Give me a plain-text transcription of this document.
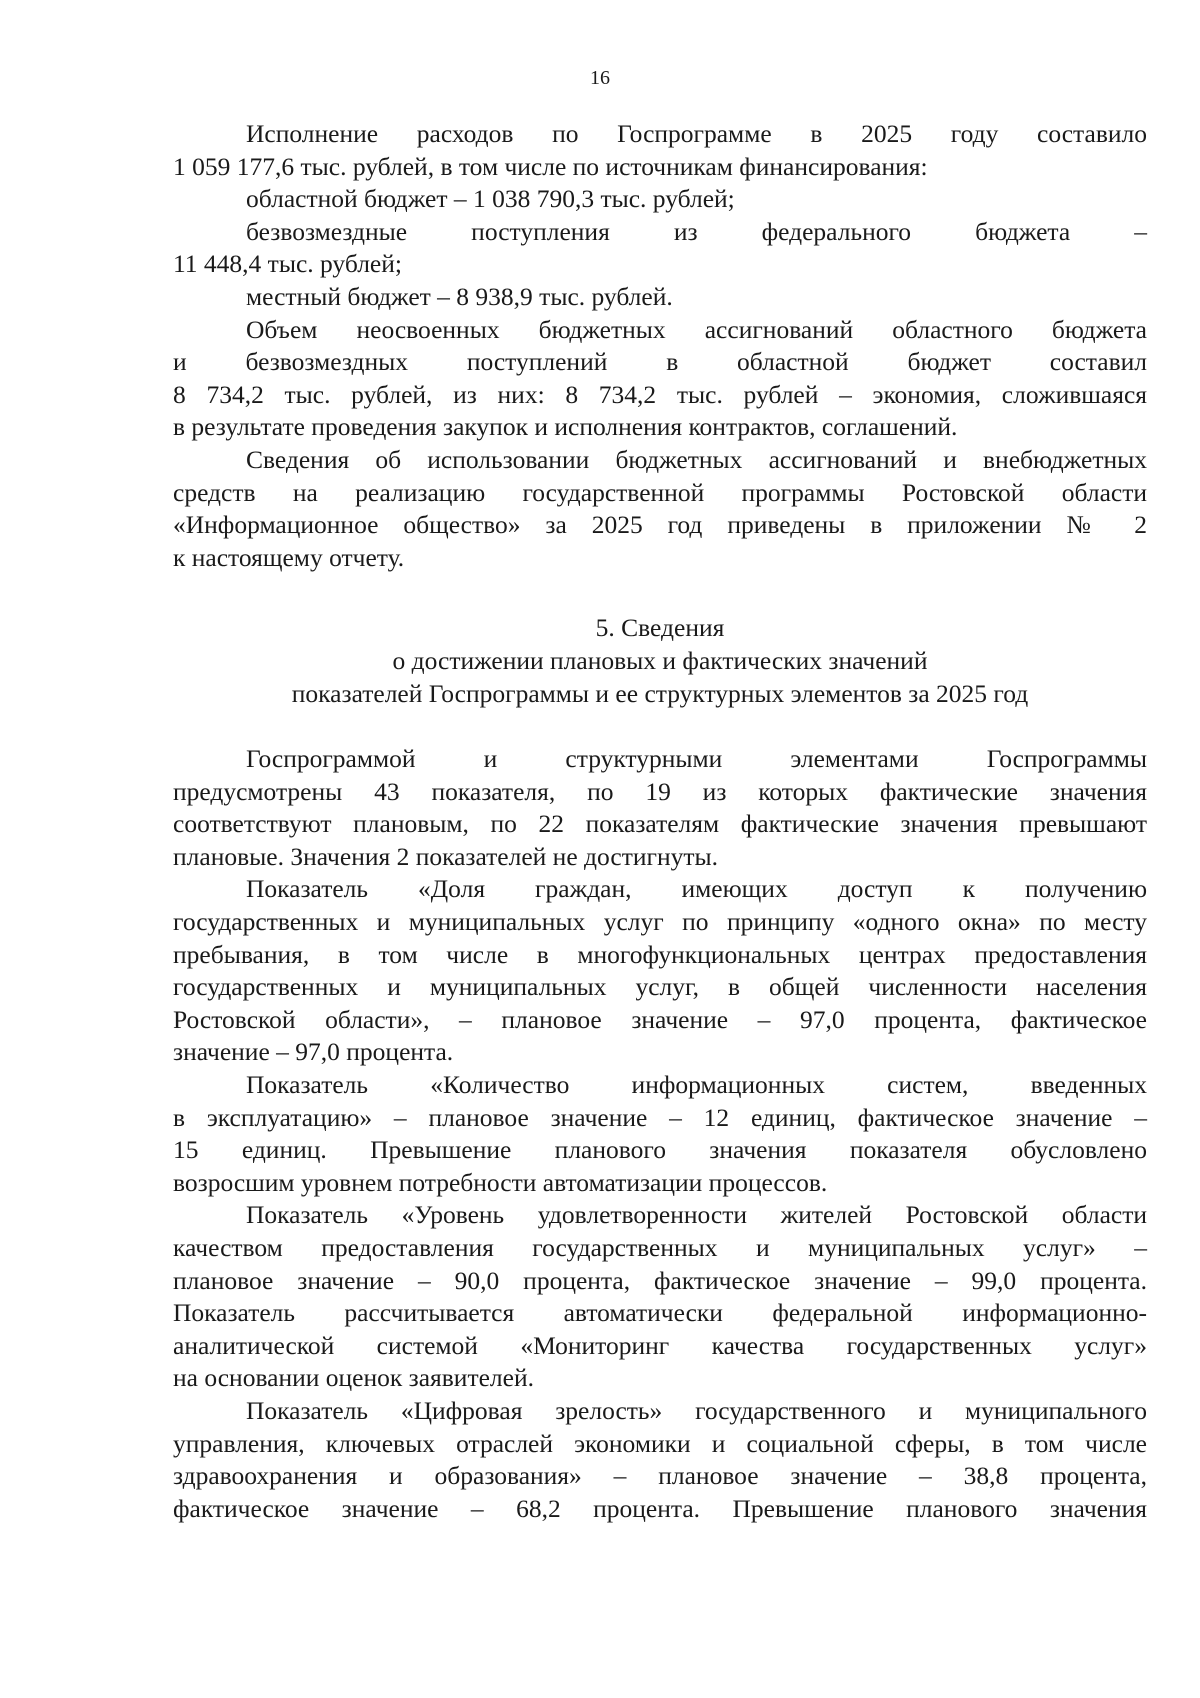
16
Исполнение расходов по Госпрограмме в 2025 году составило
1 059 177,6 тыс. рублей, в том числе по источникам финансирования:
областной бюджет – 1 038 790,3 тыс. рублей;
безвозмездные поступления из федерального бюджета –
11 448,4 тыс. рублей;
местный бюджет – 8 938,9 тыс. рублей.
Объем неосвоенных бюджетных ассигнований областного бюджета
и безвозмездных поступлений в областной бюджет составил
8 734,2 тыс. рублей, из них: 8 734,2 тыс. рублей – экономия, сложившаяся
в результате проведения закупок и исполнения контрактов, соглашений.
Сведения об использовании бюджетных ассигнований и внебюджетных
средств на реализацию государственной программы Ростовской области
«Информационное общество» за 2025 год приведены в приложении № 2
к настоящему отчету.
5. Сведения
о достижении плановых и фактических значений
показателей Госпрограммы и ее структурных элементов за 2025 год
Госпрограммой и структурными элементами Госпрограммы
предусмотрены 43 показателя, по 19 из которых фактические значения
соответствуют плановым, по 22 показателям фактические значения превышают
плановые. Значения 2 показателей не достигнуты.
Показатель «Доля граждан, имеющих доступ к получению
государственных и муниципальных услуг по принципу «одного окна» по месту
пребывания, в том числе в многофункциональных центрах предоставления
государственных и муниципальных услуг, в общей численности населения
Ростовской области», – плановое значение – 97,0 процента, фактическое
значение – 97,0 процента.
Показатель «Количество информационных систем, введенных
в эксплуатацию» – плановое значение – 12 единиц, фактическое значение –
15 единиц. Превышение планового значения показателя обусловлено
возросшим уровнем потребности автоматизации процессов.
Показатель «Уровень удовлетворенности жителей Ростовской области
качеством предоставления государственных и муниципальных услуг» –
плановое значение – 90,0 процента, фактическое значение – 99,0 процента.
Показатель рассчитывается автоматически федеральной информационно-
аналитической системой «Мониторинг качества государственных услуг»
на основании оценок заявителей.
Показатель «Цифровая зрелость» государственного и муниципального
управления, ключевых отраслей экономики и социальной сферы, в том числе
здравоохранения и образования» – плановое значение – 38,8 процента,
фактическое значение – 68,2 процента. Превышение планового значения
